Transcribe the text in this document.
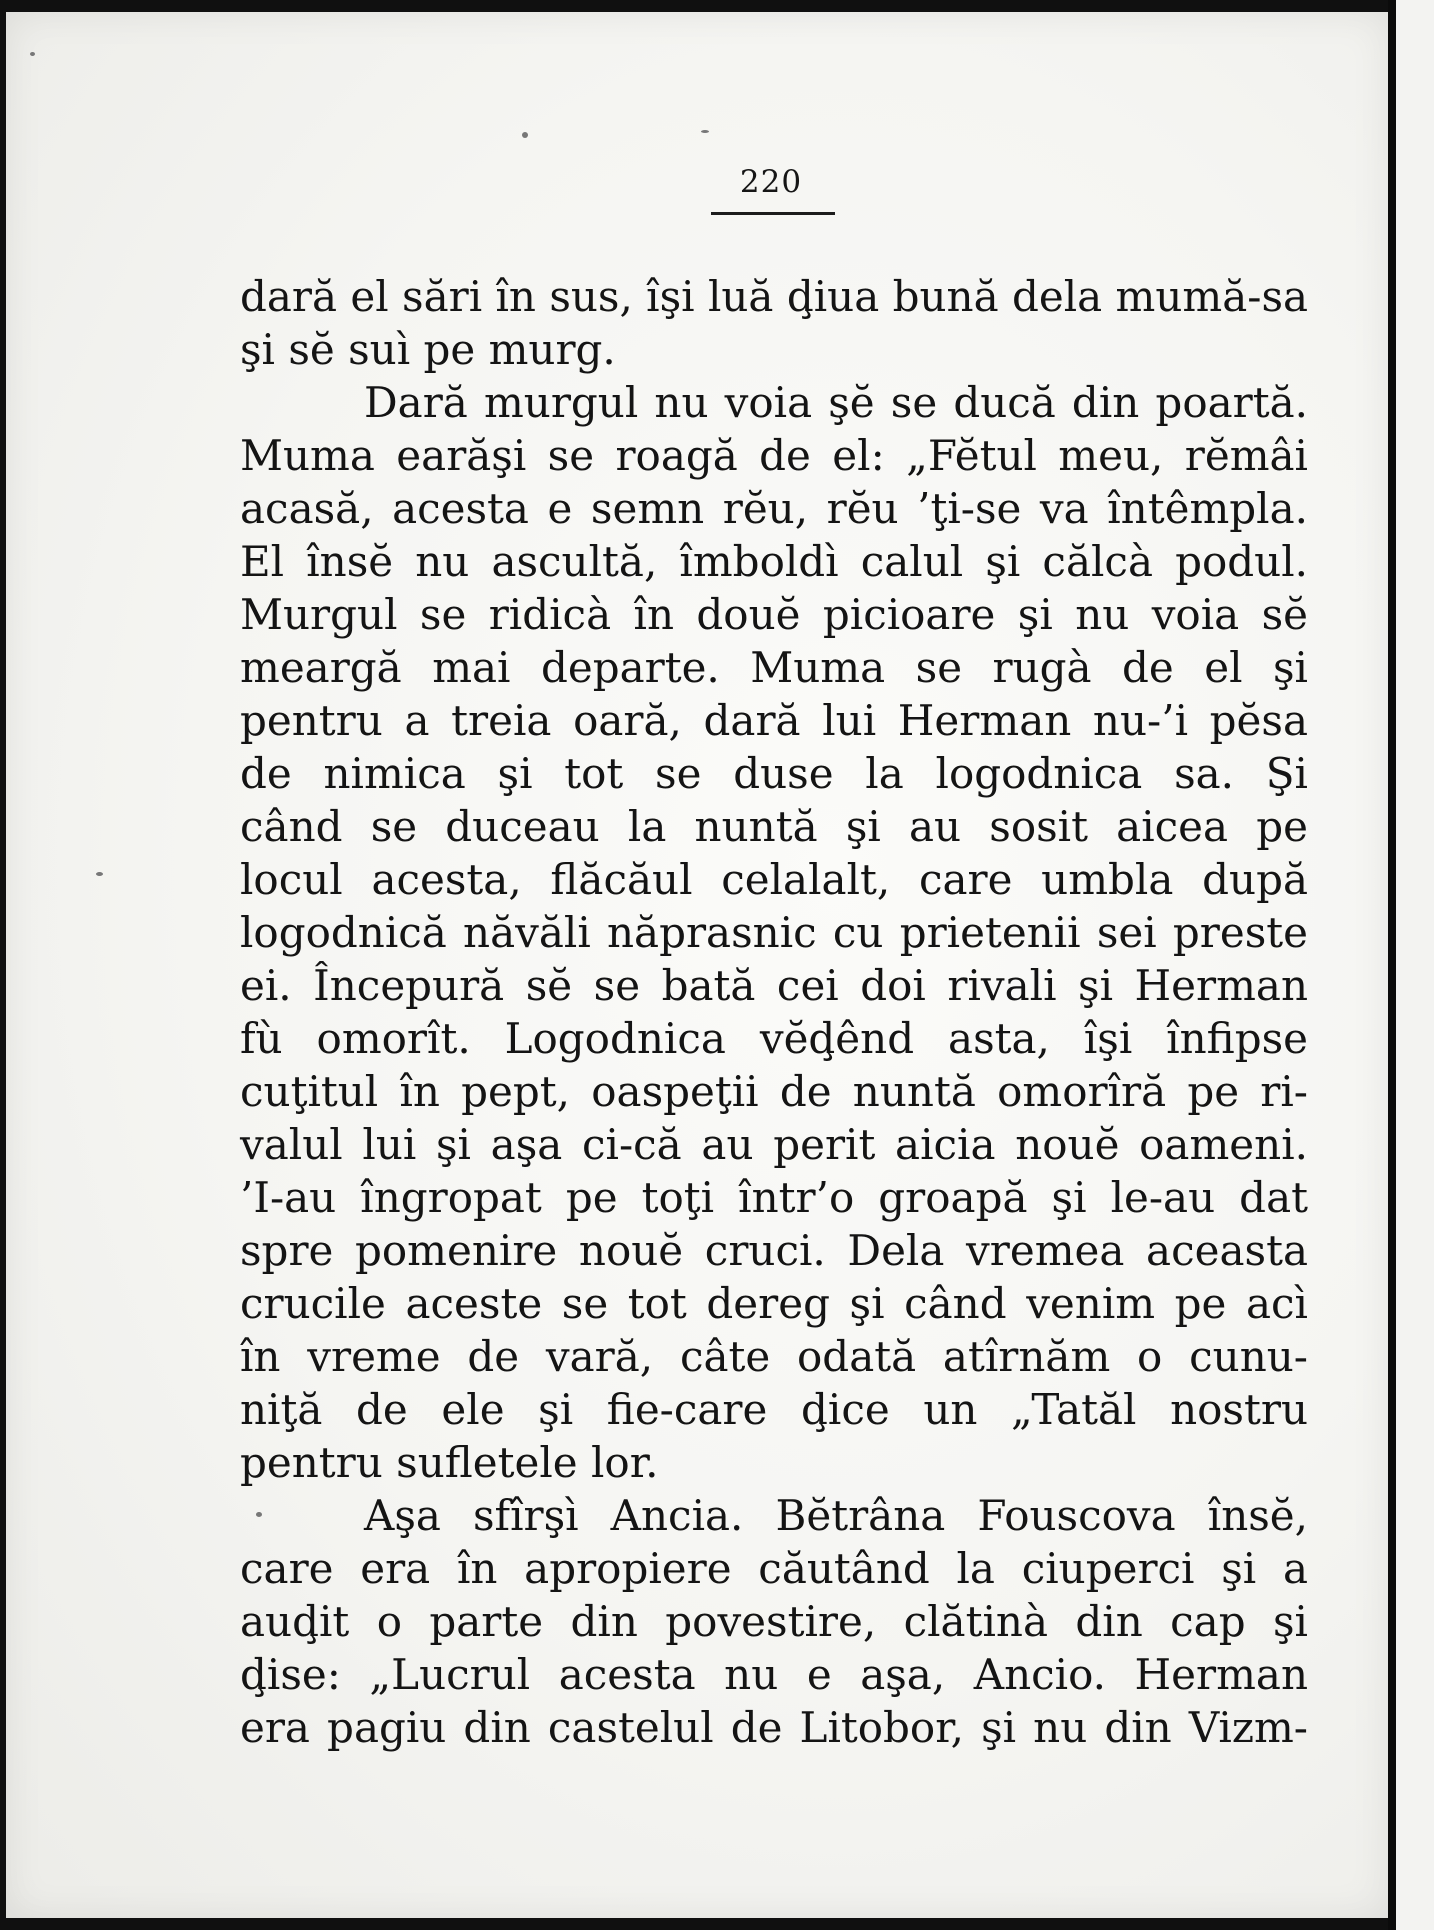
220
dară el sări în sus, îşi luă ḑiua bună dela mumă-sa
şi sĕ suì pe murg.
Dară murgul nu voia şĕ se ducă din poartă.
Muma earăşi se roagă de el: „Fĕtul meu, rĕmâi
acasă, acesta e semn rĕu, rĕu ’ţi-se va întêmpla.
El însĕ nu ascultă, îmboldì calul şi călcà podul.
Murgul se ridicà în douĕ picioare şi nu voia sĕ
meargă mai departe. Muma se rugà de el şi
pentru a treia oară, dară lui Herman nu-’i pĕsa
de nimica şi tot se duse la logodnica sa. Şi
când se duceau la nuntă şi au sosit aicea pe
locul acesta, flăcăul celalalt, care umbla după
logodnică năvăli năprasnic cu prietenii sei preste
ei. Începură sĕ se bată cei doi rivali şi Herman
fù omorît. Logodnica vĕḑênd asta, îşi înfipse
cuţitul în pept, oaspeţii de nuntă omorîră pe ri-
valul lui şi aşa ci-că au perit aicia nouĕ oameni.
’I-au îngropat pe toţi într’o groapă şi le-au dat
spre pomenire nouĕ cruci. Dela vremea aceasta
crucile aceste se tot dereg şi când venim pe acì
în vreme de vară, câte odată atîrnăm o cunu-
niţă de ele şi fie-care ḑice un „Tatăl nostru
pentru sufletele lor.
Aşa sfîrşì Ancia. Bĕtrâna Fouscova însĕ,
care era în apropiere căutând la ciuperci şi a
auḑit o parte din povestire, clătinà din cap şi
ḑise: „Lucrul acesta nu e aşa, Ancio. Herman
era pagiu din castelul de Litobor, şi nu din Vizm-
